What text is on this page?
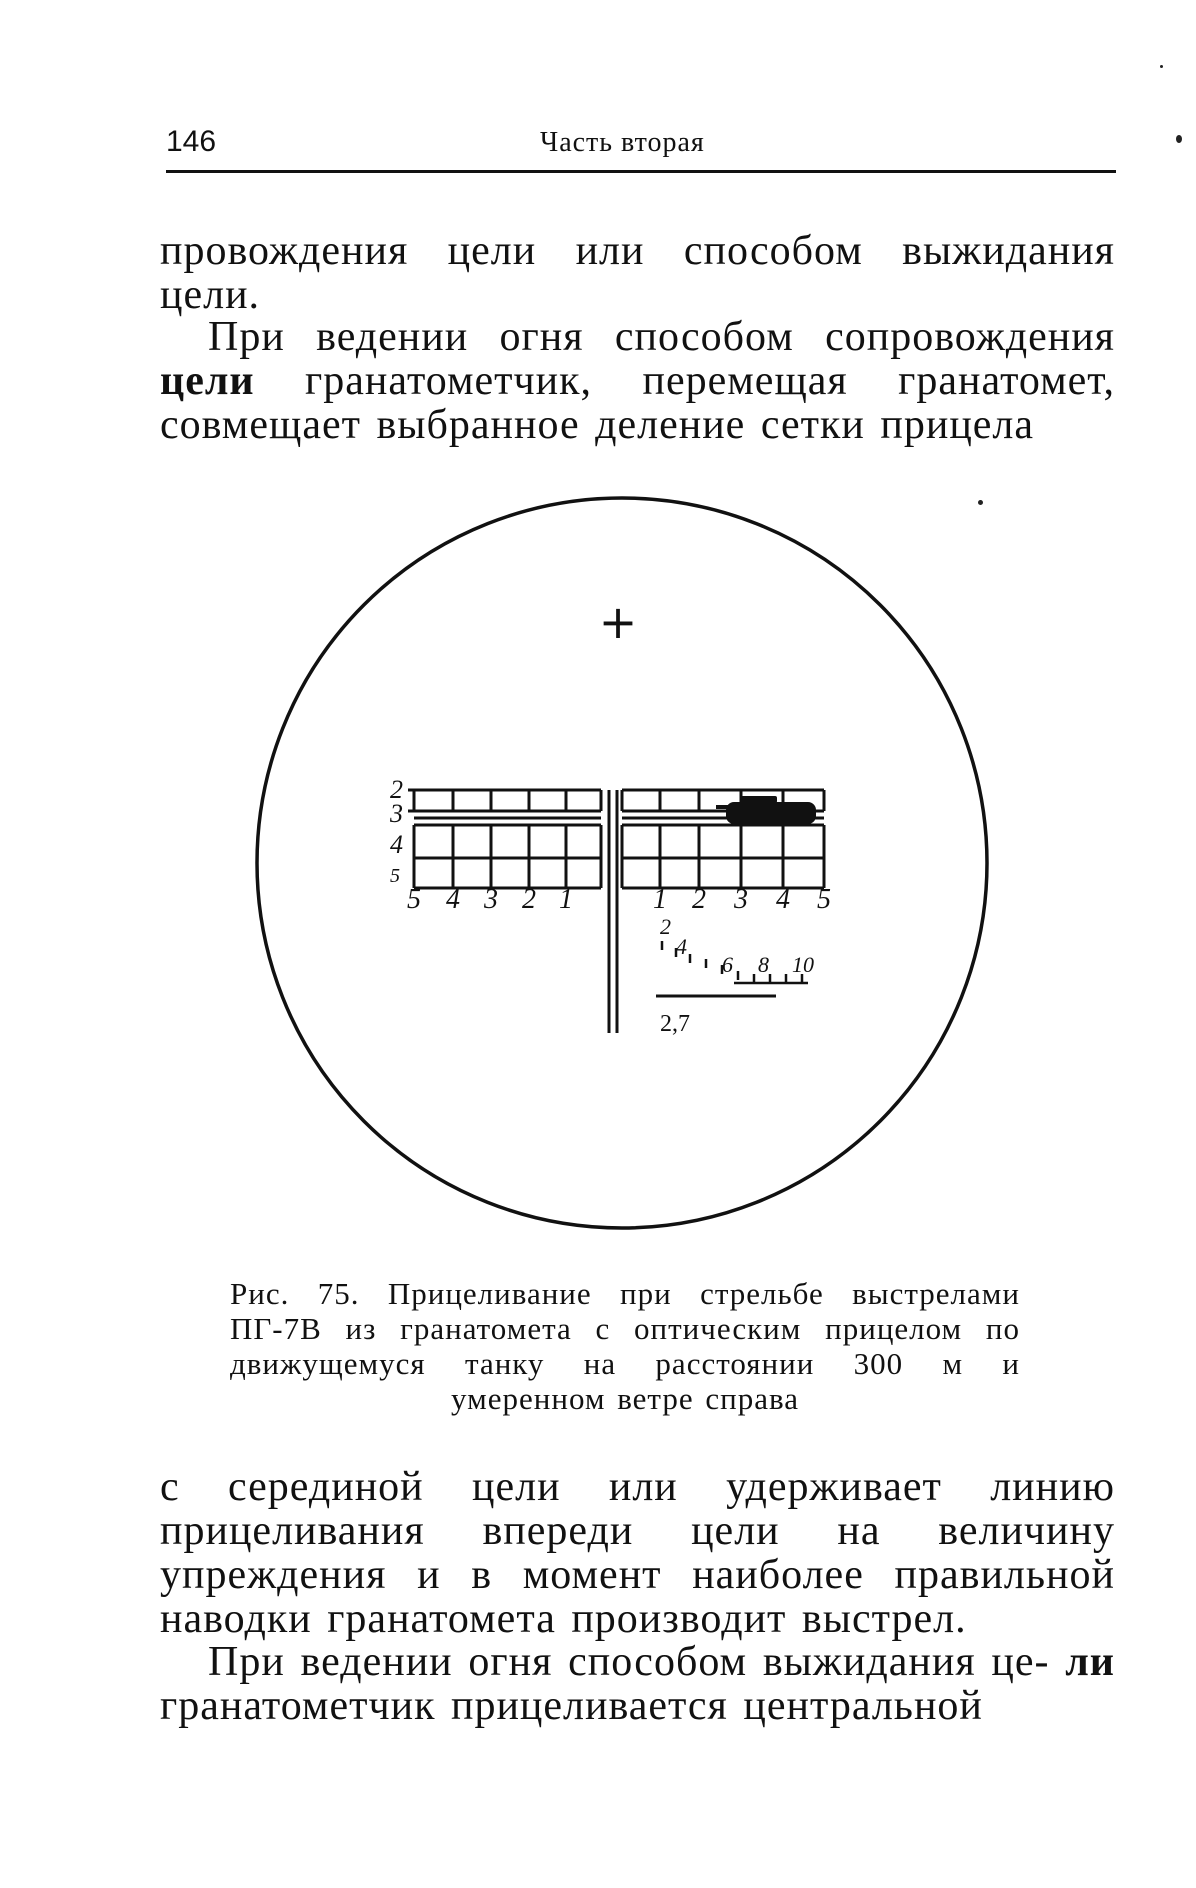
146	Часть вторая

провождения цели или способом выжидания цели.

При ведении огня способом сопровождения цели гранатометчик, перемещая гранатомет, совмещает выбранное деление сетки прицела

+
2
3
4
5
5 4 3 2 1	1 2 3 4 5
2
4
6 8 10
2,7

Рис. 75. Прицеливание при стрельбе выстрелами ПГ-7В из гранатомета с оптическим прицелом по движущемуся танку на расстоянии 300 м и умеренном ветре справа

с серединой цели или удерживает линию прицеливания впереди цели на величину упреждения и в момент наиболее правильной наводки гранатомета производит выстрел.

При ведении огня способом выжидания це- ли гранатометчик прицеливается центральной
